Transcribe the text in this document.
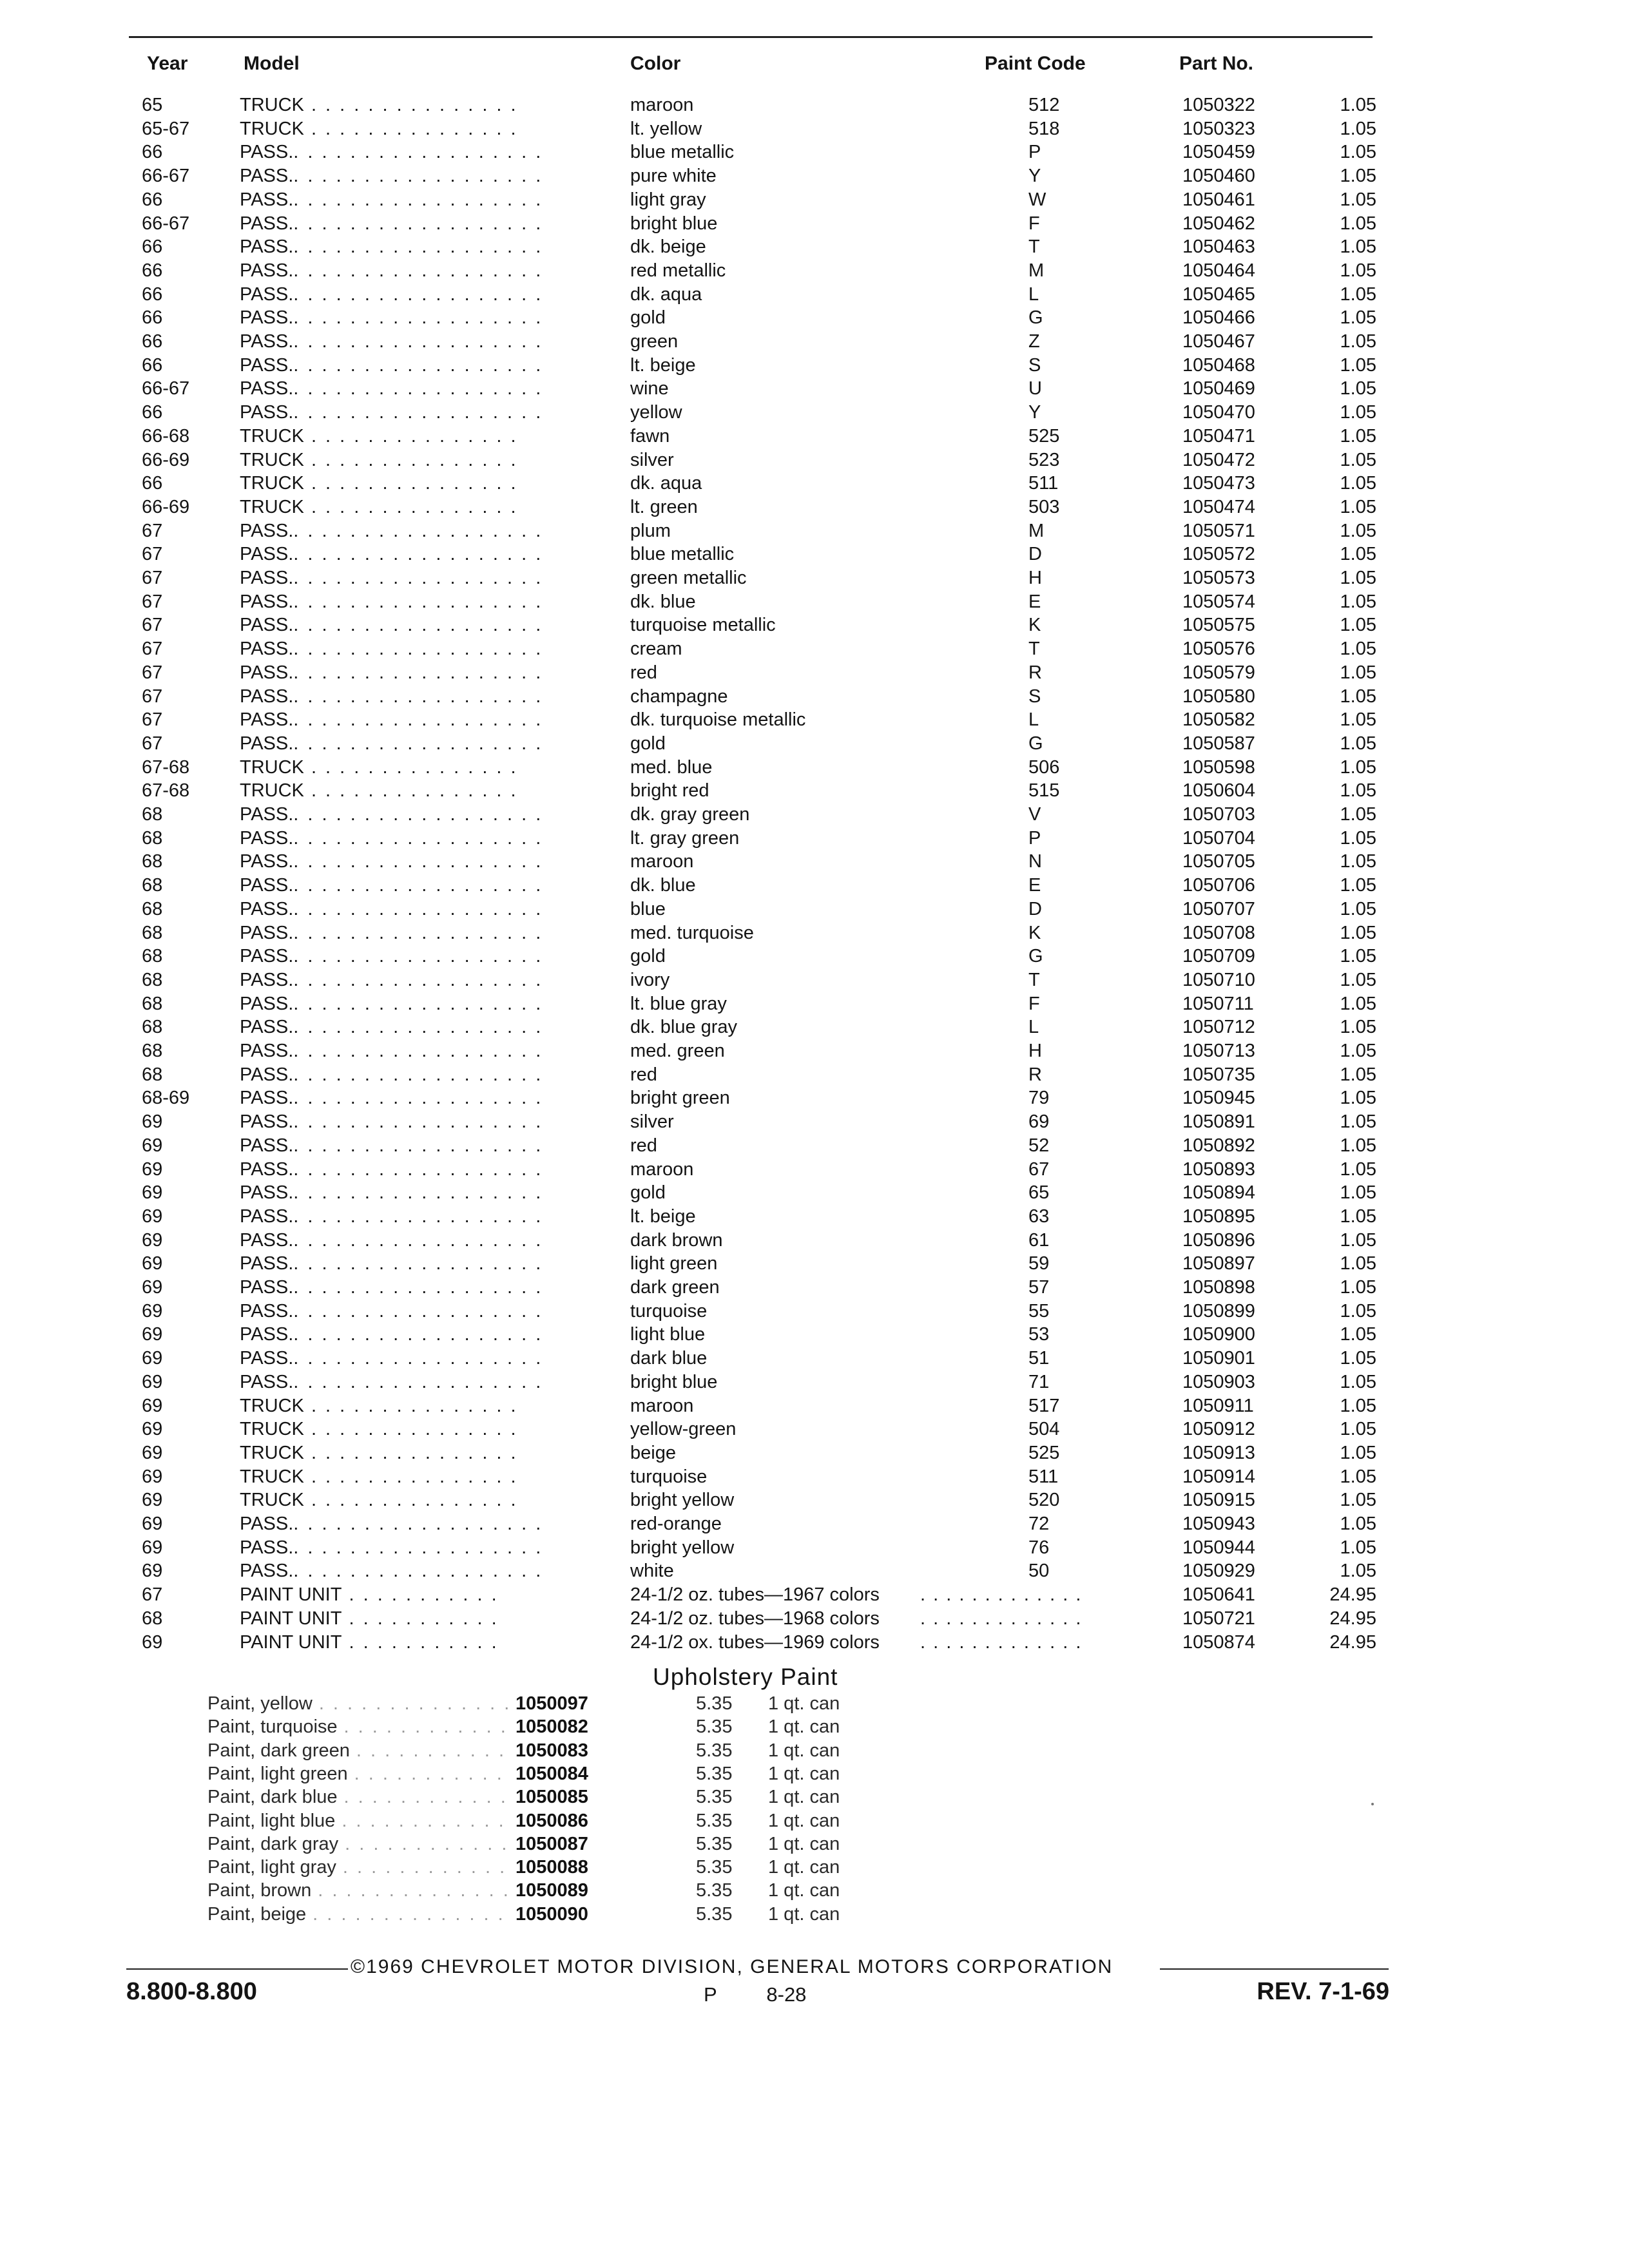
Year	Model	Color	Paint Code	Part No.
65	TRUCK . . . . . . . . . . . . . . .	maroon	512	1050322	1.05
65-67	TRUCK . . . . . . . . . . . . . . .	lt. yellow	518	1050323	1.05
66	PASS.. . . . . . . . . . . . . . . . . .	blue metallic	P	1050459	1.05
66-67	PASS.. . . . . . . . . . . . . . . . . .	pure white	Y	1050460	1.05
66	PASS.. . . . . . . . . . . . . . . . . .	light gray	W	1050461	1.05
66-67	PASS.. . . . . . . . . . . . . . . . . .	bright blue	F	1050462	1.05
66	PASS.. . . . . . . . . . . . . . . . . .	dk. beige	T	1050463	1.05
66	PASS.. . . . . . . . . . . . . . . . . .	red metallic	M	1050464	1.05
66	PASS.. . . . . . . . . . . . . . . . . .	dk. aqua	L	1050465	1.05
66	PASS.. . . . . . . . . . . . . . . . . .	gold	G	1050466	1.05
66	PASS.. . . . . . . . . . . . . . . . . .	green	Z	1050467	1.05
66	PASS.. . . . . . . . . . . . . . . . . .	lt. beige	S	1050468	1.05
66-67	PASS.. . . . . . . . . . . . . . . . . .	wine	U	1050469	1.05
66	PASS.. . . . . . . . . . . . . . . . . .	yellow	Y	1050470	1.05
66-68	TRUCK . . . . . . . . . . . . . . .	fawn	525	1050471	1.05
66-69	TRUCK . . . . . . . . . . . . . . .	silver	523	1050472	1.05
66	TRUCK . . . . . . . . . . . . . . .	dk. aqua	511	1050473	1.05
66-69	TRUCK . . . . . . . . . . . . . . .	lt. green	503	1050474	1.05
67	PASS.. . . . . . . . . . . . . . . . . .	plum	M	1050571	1.05
67	PASS.. . . . . . . . . . . . . . . . . .	blue metallic	D	1050572	1.05
67	PASS.. . . . . . . . . . . . . . . . . .	green metallic	H	1050573	1.05
67	PASS.. . . . . . . . . . . . . . . . . .	dk. blue	E	1050574	1.05
67	PASS.. . . . . . . . . . . . . . . . . .	turquoise metallic	K	1050575	1.05
67	PASS.. . . . . . . . . . . . . . . . . .	cream	T	1050576	1.05
67	PASS.. . . . . . . . . . . . . . . . . .	red	R	1050579	1.05
67	PASS.. . . . . . . . . . . . . . . . . .	champagne	S	1050580	1.05
67	PASS.. . . . . . . . . . . . . . . . . .	dk. turquoise metallic	L	1050582	1.05
67	PASS.. . . . . . . . . . . . . . . . . .	gold	G	1050587	1.05
67-68	TRUCK . . . . . . . . . . . . . . .	med. blue	506	1050598	1.05
67-68	TRUCK . . . . . . . . . . . . . . .	bright red	515	1050604	1.05
68	PASS.. . . . . . . . . . . . . . . . . .	dk. gray green	V	1050703	1.05
68	PASS.. . . . . . . . . . . . . . . . . .	lt. gray green	P	1050704	1.05
68	PASS.. . . . . . . . . . . . . . . . . .	maroon	N	1050705	1.05
68	PASS.. . . . . . . . . . . . . . . . . .	dk. blue	E	1050706	1.05
68	PASS.. . . . . . . . . . . . . . . . . .	blue	D	1050707	1.05
68	PASS.. . . . . . . . . . . . . . . . . .	med. turquoise	K	1050708	1.05
68	PASS.. . . . . . . . . . . . . . . . . .	gold	G	1050709	1.05
68	PASS.. . . . . . . . . . . . . . . . . .	ivory	T	1050710	1.05
68	PASS.. . . . . . . . . . . . . . . . . .	lt. blue gray	F	1050711	1.05
68	PASS.. . . . . . . . . . . . . . . . . .	dk. blue gray	L	1050712	1.05
68	PASS.. . . . . . . . . . . . . . . . . .	med. green	H	1050713	1.05
68	PASS.. . . . . . . . . . . . . . . . . .	red	R	1050735	1.05
68-69	PASS.. . . . . . . . . . . . . . . . . .	bright green	79	1050945	1.05
69	PASS.. . . . . . . . . . . . . . . . . .	silver	69	1050891	1.05
69	PASS.. . . . . . . . . . . . . . . . . .	red	52	1050892	1.05
69	PASS.. . . . . . . . . . . . . . . . . .	maroon	67	1050893	1.05
69	PASS.. . . . . . . . . . . . . . . . . .	gold	65	1050894	1.05
69	PASS.. . . . . . . . . . . . . . . . . .	lt. beige	63	1050895	1.05
69	PASS.. . . . . . . . . . . . . . . . . .	dark brown	61	1050896	1.05
69	PASS.. . . . . . . . . . . . . . . . . .	light green	59	1050897	1.05
69	PASS.. . . . . . . . . . . . . . . . . .	dark green	57	1050898	1.05
69	PASS.. . . . . . . . . . . . . . . . . .	turquoise	55	1050899	1.05
69	PASS.. . . . . . . . . . . . . . . . . .	light blue	53	1050900	1.05
69	PASS.. . . . . . . . . . . . . . . . . .	dark blue	51	1050901	1.05
69	PASS.. . . . . . . . . . . . . . . . . .	bright blue	71	1050903	1.05
69	TRUCK . . . . . . . . . . . . . . .	maroon	517	1050911	1.05
69	TRUCK . . . . . . . . . . . . . . .	yellow-green	504	1050912	1.05
69	TRUCK . . . . . . . . . . . . . . .	beige	525	1050913	1.05
69	TRUCK . . . . . . . . . . . . . . .	turquoise	511	1050914	1.05
69	TRUCK . . . . . . . . . . . . . . .	bright yellow	520	1050915	1.05
69	PASS.. . . . . . . . . . . . . . . . . .	red-orange	72	1050943	1.05
69	PASS.. . . . . . . . . . . . . . . . . .	bright yellow	76	1050944	1.05
69	PASS.. . . . . . . . . . . . . . . . . .	white	50	1050929	1.05
67	PAINT UNIT . . . . . . . . . . .	24-1/2 oz. tubes—1967 colors . . . . . . . . . . . . .	1050641	24.95
68	PAINT UNIT . . . . . . . . . . .	24-1/2 oz. tubes—1968 colors . . . . . . . . . . . . .	1050721	24.95
69	PAINT UNIT . . . . . . . . . . .	24-1/2 ox. tubes—1969 colors . . . . . . . . . . . . .	1050874	24.95
Upholstery Paint
Paint, yellow	1050097	5.35 1 qt. can
. . . . . . . . . . . . . .
Paint, turquoise	1050082	5.35 1 qt. can
. . . . . . . . . . . .
Paint, dark green	1050083	5.35 1 qt. can
. . . . . . . . . . .
Paint, light green	1050084	5.35 1 qt. can
. . . . . . . . . . .
Paint, dark blue	1050085	5.35 1 qt. can
. . . . . . . . . . . .
Paint, light blue	1050086	5.35 1 qt. can
. . . . . . . . . . . .
Paint, dark gray	1050087	5.35 1 qt. can
. . . . . . . . . . . .
Paint, light gray	1050088	5.35 1 qt. can
. . . . . . . . . . . .
Paint, brown	1050089	5.35 1 qt. can
. . . . . . . . . . . . . .
Paint, beige	1050090	5.35 1 qt. can
. . . . . . . . . . . . . .
©1969 CHEVROLET MOTOR DIVISION, GENERAL MOTORS CORPORATION
8.800-8.800	P 8-28	REV. 7-1-69
